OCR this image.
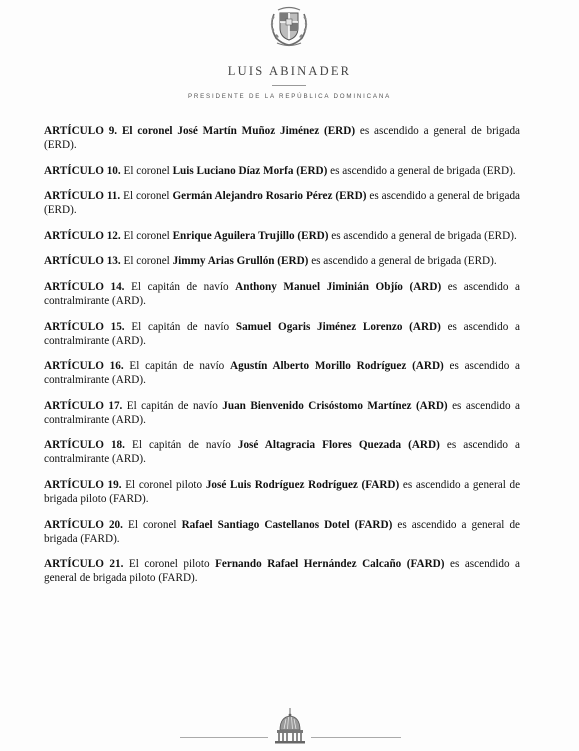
LUIS ABINADER
PRESIDENTE DE LA REPÚBLICA DOMINICANA

ARTÍCULO 9. El coronel José Martín Muñoz Jiménez (ERD) es ascendido a general de brigada (ERD).

ARTÍCULO 10. El coronel Luis Luciano Díaz Morfa (ERD) es ascendido a general de brigada (ERD).

ARTÍCULO 11. El coronel Germán Alejandro Rosario Pérez (ERD) es ascendido a general de brigada (ERD).

ARTÍCULO 12. El coronel Enrique Aguilera Trujillo (ERD) es ascendido a general de brigada (ERD).

ARTÍCULO 13. El coronel Jimmy Arias Grullón (ERD) es ascendido a general de brigada (ERD).

ARTÍCULO 14. El capitán de navío Anthony Manuel Jiminián Objío (ARD) es ascendido a contralmirante (ARD).

ARTÍCULO 15. El capitán de navío Samuel Ogaris Jiménez Lorenzo (ARD) es ascendido a contralmirante (ARD).

ARTÍCULO 16. El capitán de navío Agustín Alberto Morillo Rodríguez (ARD) es ascendido a contralmirante (ARD).

ARTÍCULO 17. El capitán de navío Juan Bienvenido Crisóstomo Martínez (ARD) es ascendido a contralmirante (ARD).

ARTÍCULO 18. El capitán de navío José Altagracia Flores Quezada (ARD) es ascendido a contralmirante (ARD).

ARTÍCULO 19. El coronel piloto José Luis Rodríguez Rodríguez (FARD) es ascendido a general de brigada piloto (FARD).

ARTÍCULO 20. El coronel Rafael Santiago Castellanos Dotel (FARD) es ascendido a general de brigada (FARD).

ARTÍCULO 21. El coronel piloto Fernando Rafael Hernández Calcaño (FARD) es ascendido a general de brigada piloto (FARD).
